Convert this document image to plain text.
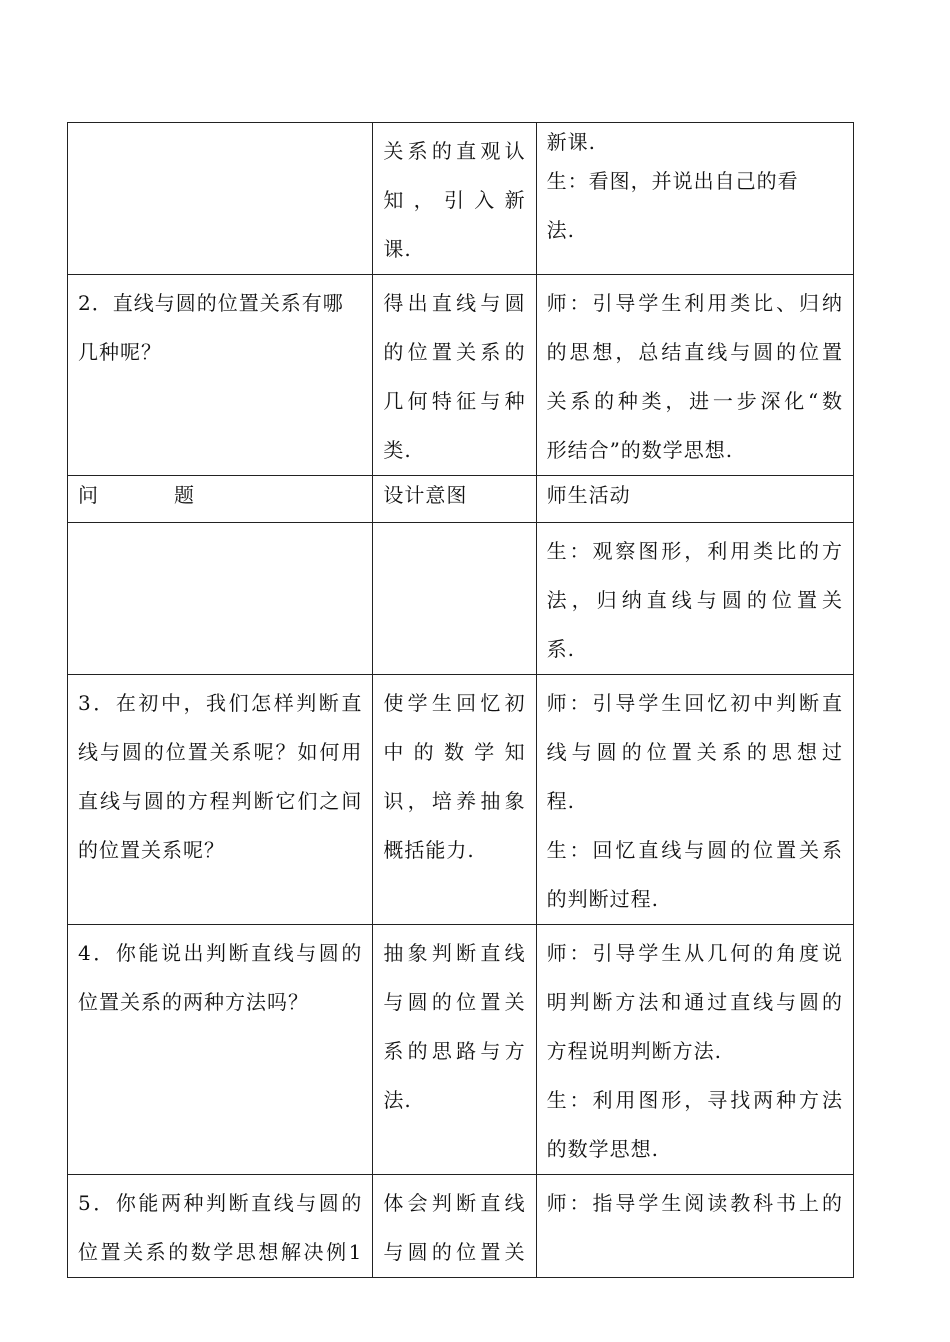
	关系的直观认
知，引入新
课.	新课.
生：看图，并说出自己的看
法.

2．直线与圆的位置关系有哪
几种呢？	得出直线与圆
的位置关系的
几何特征与种
类.	师：引导学生利用类比、归纳
的思想，总结直线与圆的位置
关系的种类，进一步深化“数
形结合”的数学思想.

问　题	设计意图	师生活动

		生：观察图形，利用类比的方
法，归纳直线与圆的位置关
系.

3．在初中，我们怎样判断直
线与圆的位置关系呢？如何用
直线与圆的方程判断它们之间
的位置关系呢？	使学生回忆初
中的数学知
识，培养抽象
概括能力.	师：引导学生回忆初中判断直
线与圆的位置关系的思想过
程.
生：回忆直线与圆的位置关系
的判断过程.

4．你能说出判断直线与圆的
位置关系的两种方法吗？	抽象判断直线
与圆的位置关
系的思路与方
法.	师：引导学生从几何的角度说
明判断方法和通过直线与圆的
方程说明判断方法.
生：利用图形，寻找两种方法
的数学思想.

5．你能两种判断直线与圆的
位置关系的数学思想解决例1	体会判断直线
与圆的位置关	师：指导学生阅读教科书上的
